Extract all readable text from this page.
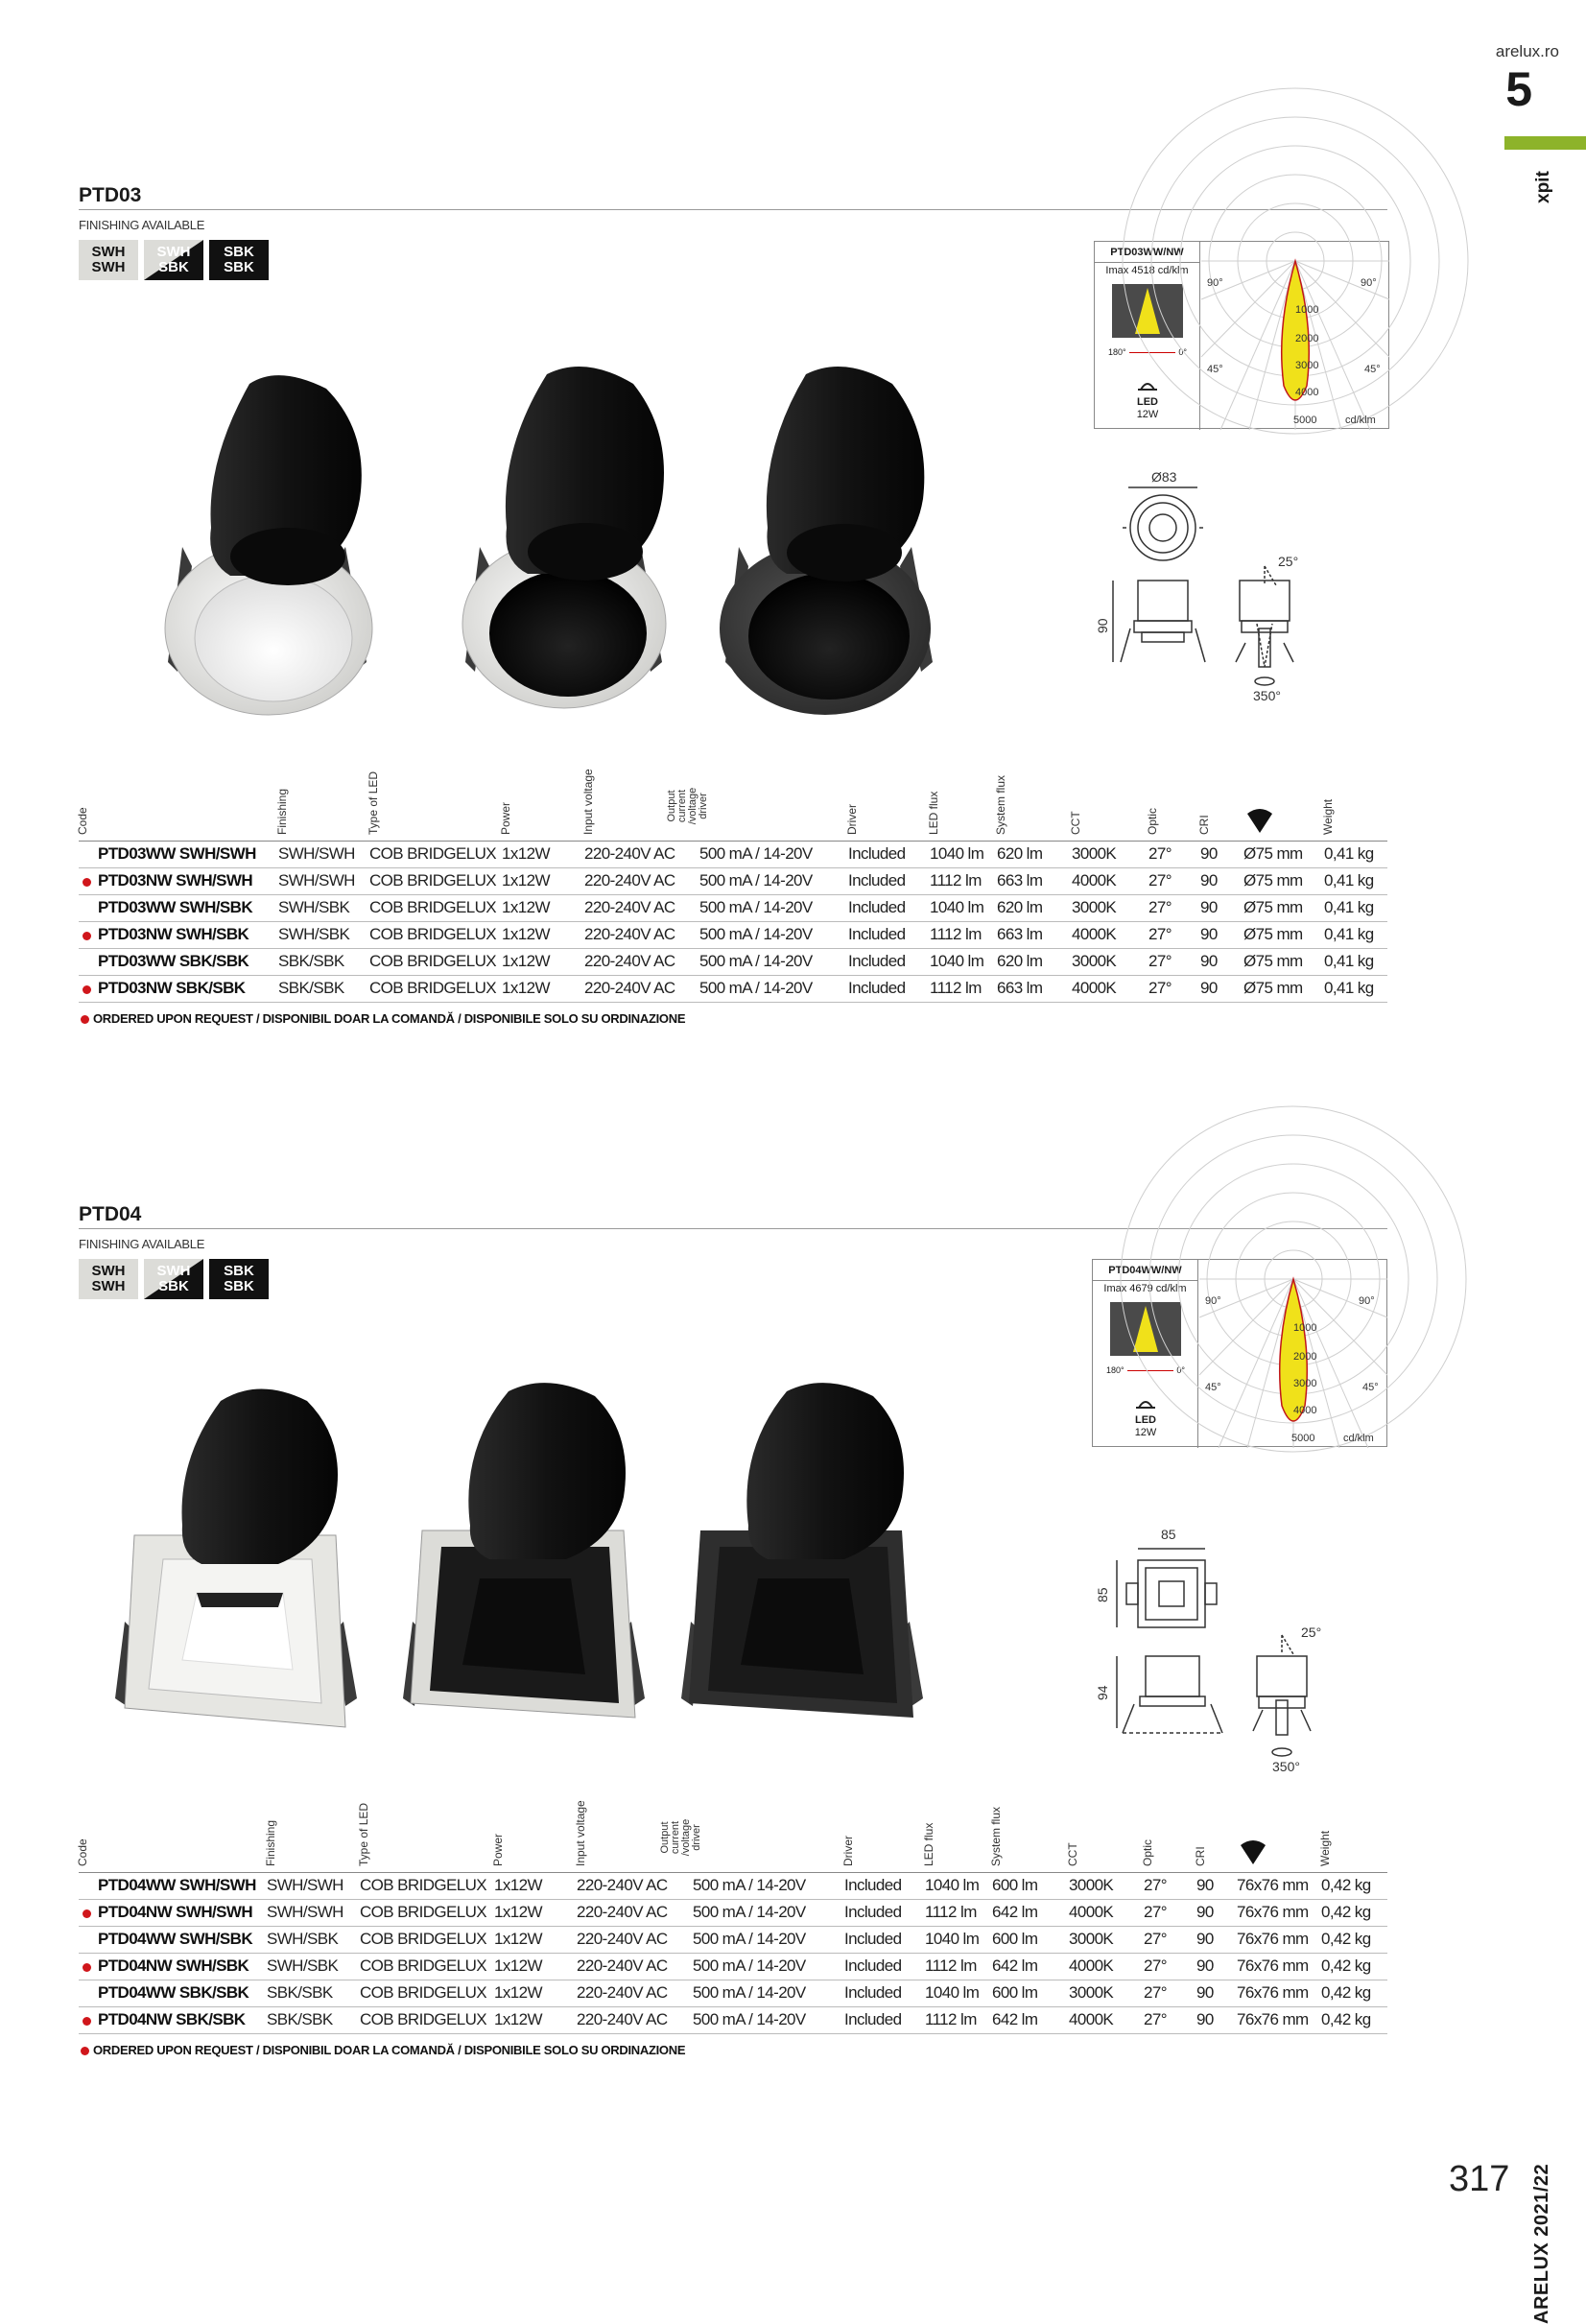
arelux.ro
5
xpit
PTD03
FINISHING AVAILABLE
SWH
SWH
SWH
SBK
SBK
SBK
PTD03WW/NW
Imax 4518 cd/klm
180°	0°
LED
12W
90°	90°
45°	45°
1000
2000
3000
4000
5000	cd/klm
Ø83
90
25°
350°
Code	Finishing	Type of LED	Power	Input voltage	Output current /voltage driver	Driver	LED flux	System flux	CCT	Optic	CRI		Weight

PTD03WW SWH/SWH	SWH/SWH	COB BRIDGELUX	1x12W	220-240V AC	500 mA / 14-20V	Included	1040 lm	620 lm	3000K	27°	90	Ø75 mm	0,41 kg

PTD03NW SWH/SWH	SWH/SWH	COB BRIDGELUX	1x12W	220-240V AC	500 mA / 14-20V	Included	1112 lm	663 lm	4000K	27°	90	Ø75 mm	0,41 kg
PTD03WW SWH/SBK	SWH/SBK	COB BRIDGELUX	1x12W	220-240V AC	500 mA / 14-20V	Included	1040 lm	620 lm	3000K	27°	90	Ø75 mm	0,41 kg

PTD03NW SWH/SBK	SWH/SBK	COB BRIDGELUX	1x12W	220-240V AC	500 mA / 14-20V	Included	1112 lm	663 lm	4000K	27°	90	Ø75 mm	0,41 kg
PTD03WW SBK/SBK	SBK/SBK	COB BRIDGELUX	1x12W	220-240V AC	500 mA / 14-20V	Included	1040 lm	620 lm	3000K	27°	90	Ø75 mm	0,41 kg

PTD03NW SBK/SBK	SBK/SBK	COB BRIDGELUX	1x12W	220-240V AC	500 mA / 14-20V	Included	1112 lm	663 lm	4000K	27°	90	Ø75 mm	0,41 kg
ORDERED UPON REQUEST / DISPONIBIL DOAR LA COMANDĂ / DISPONIBILE SOLO SU ORDINAZIONE
PTD04
FINISHING AVAILABLE
SWH
SWH
SWH
SBK
SBK
SBK
PTD04WW/NW
Imax 4679 cd/klm
180°	0°
LED
12W
90°	90°
45°	45°
1000
2000
3000
4000
5000	cd/klm
85
85
94
25°
350°
Code	Finishing	Type of LED	Power	Input voltage	Output current /voltage driver	Driver	LED flux	System flux	CCT	Optic	CRI		Weight

PTD04WW SWH/SWH	SWH/SWH	COB BRIDGELUX	1x12W	220-240V AC	500 mA / 14-20V	Included	1040 lm	600 lm	3000K	27°	90	76x76 mm	0,42 kg

PTD04NW SWH/SWH	SWH/SWH	COB BRIDGELUX	1x12W	220-240V AC	500 mA / 14-20V	Included	1112 lm	642 lm	4000K	27°	90	76x76 mm	0,42 kg
PTD04WW SWH/SBK	SWH/SBK	COB BRIDGELUX	1x12W	220-240V AC	500 mA / 14-20V	Included	1040 lm	600 lm	3000K	27°	90	76x76 mm	0,42 kg

PTD04NW SWH/SBK	SWH/SBK	COB BRIDGELUX	1x12W	220-240V AC	500 mA / 14-20V	Included	1112 lm	642 lm	4000K	27°	90	76x76 mm	0,42 kg
PTD04WW SBK/SBK	SBK/SBK	COB BRIDGELUX	1x12W	220-240V AC	500 mA / 14-20V	Included	1040 lm	600 lm	3000K	27°	90	76x76 mm	0,42 kg

PTD04NW SBK/SBK	SBK/SBK	COB BRIDGELUX	1x12W	220-240V AC	500 mA / 14-20V	Included	1112 lm	642 lm	4000K	27°	90	76x76 mm	0,42 kg
ORDERED UPON REQUEST / DISPONIBIL DOAR LA COMANDĂ / DISPONIBILE SOLO SU ORDINAZIONE
ARELUX 2021/22
317
